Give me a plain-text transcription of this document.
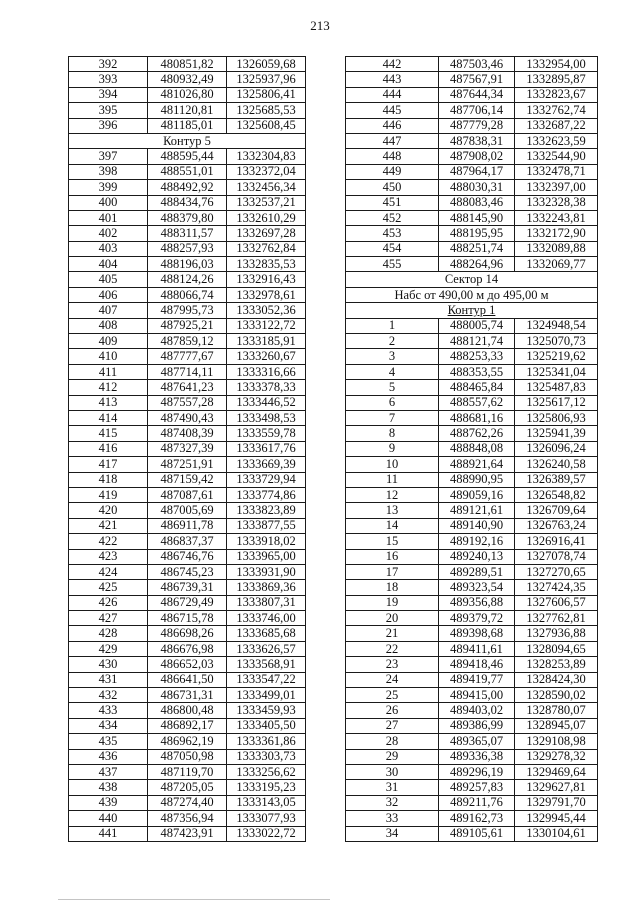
213
392	480851,82	1326059,68
393	480932,49	1325937,96
394	481026,80	1325806,41
395	481120,81	1325685,53
396	481185,01	1325608,45
Контур 5		
397	488595,44	1332304,83
398	488551,01	1332372,04
399	488492,92	1332456,34
400	488434,76	1332537,21
401	488379,80	1332610,29
402	488311,57	1332697,28
403	488257,93	1332762,84
404	488196,03	1332835,53
405	488124,26	1332916,43
406	488066,74	1332978,61
407	487995,73	1333052,36
408	487925,21	1333122,72
409	487859,12	1333185,91
410	487777,67	1333260,67
411	487714,11	1333316,66
412	487641,23	1333378,33
413	487557,28	1333446,52
414	487490,43	1333498,53
415	487408,39	1333559,78
416	487327,39	1333617,76
417	487251,91	1333669,39
418	487159,42	1333729,94
419	487087,61	1333774,86
420	487005,69	1333823,89
421	486911,78	1333877,55
422	486837,37	1333918,02
423	486746,76	1333965,00
424	486745,23	1333931,90
425	486739,31	1333869,36
426	486729,49	1333807,31
427	486715,78	1333746,00
428	486698,26	1333685,68
429	486676,98	1333626,57
430	486652,03	1333568,91
431	486641,50	1333547,22
432	486731,31	1333499,01
433	486800,48	1333459,93
434	486892,17	1333405,50
435	486962,19	1333361,86
436	487050,98	1333303,73
437	487119,70	1333256,62
438	487205,05	1333195,23
439	487274,40	1333143,05
440	487356,94	1333077,93
441	487423,91	1333022,72
442	487503,46	1332954,00
443	487567,91	1332895,87
444	487644,34	1332823,67
445	487706,14	1332762,74
446	487779,28	1332687,22
447	487838,31	1332623,59
448	487908,02	1332544,90
449	487964,17	1332478,71
450	488030,31	1332397,00
451	488083,46	1332328,38
452	488145,90	1332243,81
453	488195,95	1332172,90
454	488251,74	1332089,88
455	488264,96	1332069,77
Сектор 14		
Набс от 490,00 м до 495,00 м		
Контур 1		
1	488005,74	1324948,54
2	488121,74	1325070,73
3	488253,33	1325219,62
4	488353,55	1325341,04
5	488465,84	1325487,83
6	488557,62	1325617,12
7	488681,16	1325806,93
8	488762,26	1325941,39
9	488848,08	1326096,24
10	488921,64	1326240,58
11	488990,95	1326389,57
12	489059,16	1326548,82
13	489121,61	1326709,64
14	489140,90	1326763,24
15	489192,16	1326916,41
16	489240,13	1327078,74
17	489289,51	1327270,65
18	489323,54	1327424,35
19	489356,88	1327606,57
20	489379,72	1327762,81
21	489398,68	1327936,88
22	489411,61	1328094,65
23	489418,46	1328253,89
24	489419,77	1328424,30
25	489415,00	1328590,02
26	489403,02	1328780,07
27	489386,99	1328945,07
28	489365,07	1329108,98
29	489336,38	1329278,32
30	489296,19	1329469,64
31	489257,83	1329627,81
32	489211,76	1329791,70
33	489162,73	1329945,44
34	489105,61	1330104,61
